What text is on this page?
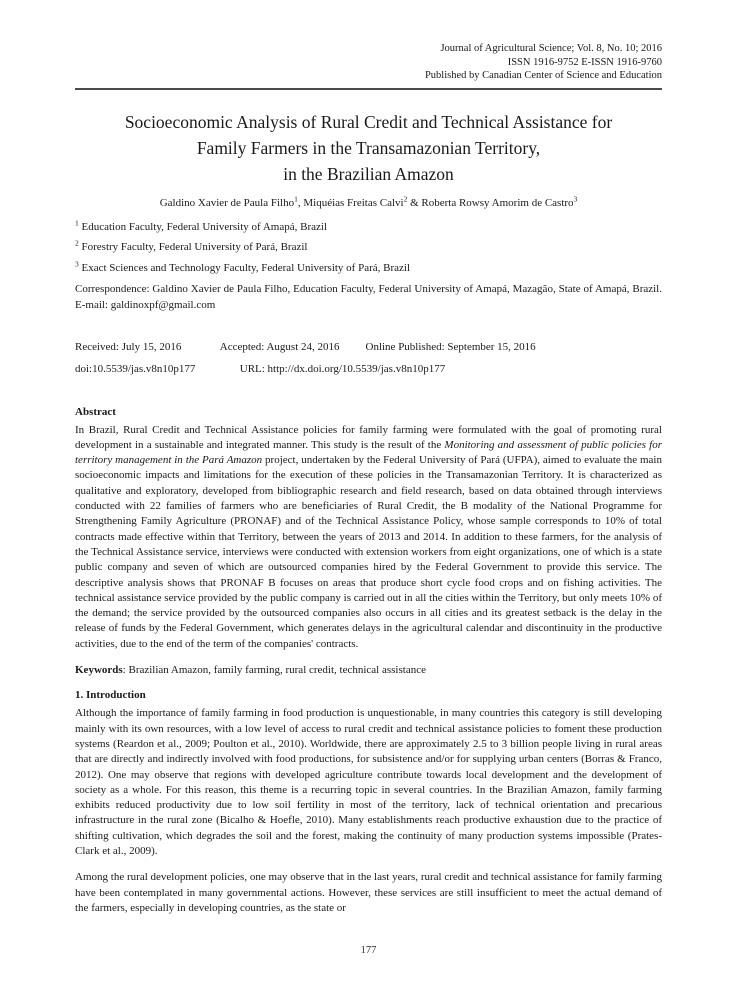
Journal of Agricultural Science; Vol. 8, No. 10; 2016
ISSN 1916-9752 E-ISSN 1916-9760
Published by Canadian Center of Science and Education
Socioeconomic Analysis of Rural Credit and Technical Assistance for
Family Farmers in the Transamazonian Territory,
in the Brazilian Amazon
Galdino Xavier de Paula Filho$^1$, Miquéias Freitas Calvi$^2$ & Roberta Rowsy Amorim de Castro$^3$

$^1$ Education Faculty, Federal University of Amapá, Brazil

$^2$ Forestry Faculty, Federal University of Pará, Brazil

$^3$ Exact Sciences and Technology Faculty, Federal University of Pará, Brazil

Correspondence: Galdino Xavier de Paula Filho, Education Faculty, Federal University of Amapá, Mazagão, State of Amapá, Brazil. E-mail: galdinoxpf@gmail.com

Received: July 15, 2016	Accepted: August 24, 2016 Online Published: September 15, 2016
doi:10.5539/jas.v8n10p177	URL: http://dx.doi.org/10.5539/jas.v8n10p177
Abstract

In Brazil, Rural Credit and Technical Assistance policies for family farming were formulated with the goal of promoting rural development in a sustainable and integrated manner. This study is the result of the Monitoring and assessment of public policies for territory management in the Pará Amazon project, undertaken by the Federal University of Pará (UFPA), aimed to evaluate the main socioeconomic impacts and limitations for the execution of these policies in the Transamazonian Territory. It is characterized as qualitative and exploratory, developed from bibliographic research and field research, based on data obtained through interviews conducted with 22 families of farmers who are beneficiaries of Rural Credit, the B modality of the National Programme for Strengthening Family Agriculture (PRONAF) and of the Technical Assistance Policy, whose sample corresponds to 10% of total contracts made effective within that Territory, between the years of 2013 and 2014. In addition to these farmers, for the analysis of the Technical Assistance service, interviews were conducted with extension workers from eight organizations, one of which is a state public company and seven of which are outsourced companies hired by the Federal Government to provide this service. The descriptive analysis shows that PRONAF B focuses on areas that produce short cycle food crops and on fishing activities. The technical assistance service provided by the public company is carried out in all the cities within the Territory, but only meets 10% of the demand; the service provided by the outsourced companies also occurs in all cities and its greatest setback is the delay in the release of funds by the Federal Government, which generates delays in the agricultural calendar and discontinuity in the productive activities, due to the end of the term of the companies' contracts.

Keywords: Brazilian Amazon, family farming, rural credit, technical assistance

1. Introduction

Although the importance of family farming in food production is unquestionable, in many countries this category is still developing mainly with its own resources, with a low level of access to rural credit and technical assistance policies to foment these production systems (Reardon et al., 2009; Poulton et al., 2010). Worldwide, there are approximately 2.5 to 3 billion people living in rural areas that are directly and indirectly involved with food productions, for subsistence and/or for supplying urban centers (Borras & Franco, 2012). One may observe that regions with developed agriculture contribute towards local development and the development of society as a whole. For this reason, this theme is a recurring topic in several countries. In the Brazilian Amazon, family farming exhibits reduced productivity due to low soil fertility in most of the territory, lack of technical orientation and precarious infrastructure in the rural zone (Bicalho & Hoefle, 2010). Many establishments reach productive exhaustion due to the practice of shifting cultivation, which degrades the soil and the forest, making the continuity of many production systems impossible (Prates-Clark et al., 2009).

Among the rural development policies, one may observe that in the last years, rural credit and technical assistance for family farming have been contemplated in many governmental actions. However, these services are still insufficient to meet the actual demand of the farmers, especially in developing countries, as the state or

177
